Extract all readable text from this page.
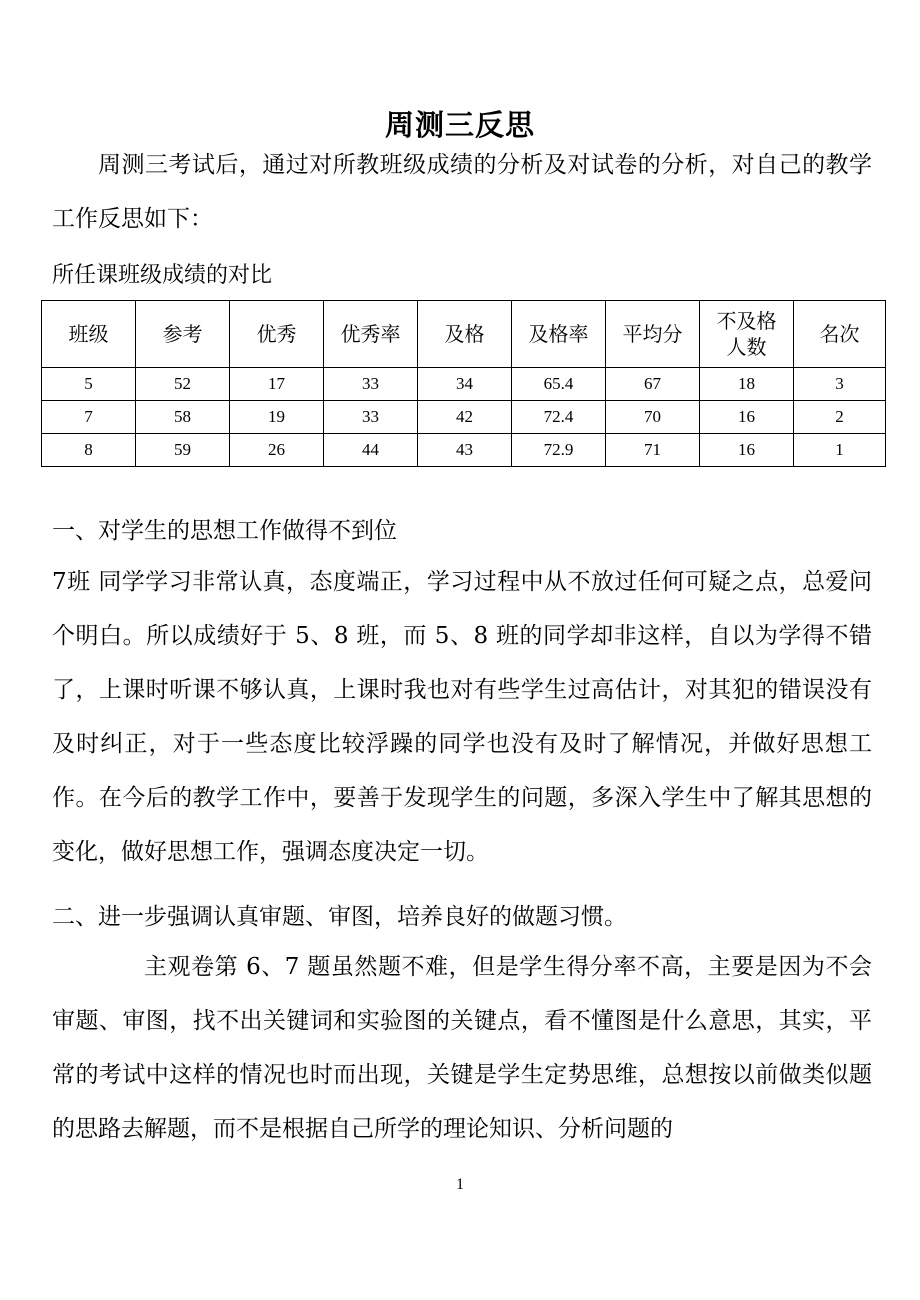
周测三反思

周测三考试后，通过对所教班级成绩的分析及对试卷的分析，对自己的教学工作反思如下：

所任课班级成绩的对比

班级	参考	优秀	优秀率	及格	及格率	平均分	不及格人数	名次
5	52	17	33	34	65.4	67	18	3
7	58	19	33	42	72.4	70	16	2
8	59	26	44	43	72.9	71	16	1
一、对学生的思想工作做得不到位

7班 同学学习非常认真，态度端正，学习过程中从不放过任何可疑之点，总爱问个明白。所以成绩好于 5、8 班，而 5、8 班的同学却非这样，自以为学得不错了，上课时听课不够认真，上课时我也对有些学生过高估计，对其犯的错误没有及时纠正，对于一些态度比较浮躁的同学也没有及时了解情况，并做好思想工作。在今后的教学工作中，要善于发现学生的问题，多深入学生中了解其思想的变化，做好思想工作，强调态度决定一切。

二、进一步强调认真审题、审图，培养良好的做题习惯。

主观卷第 6、7 题虽然题不难，但是学生得分率不高，主要是因为不会审题、审图，找不出关键词和实验图的关键点，看不懂图是什么意思，其实，平常的考试中这样的情况也时而出现，关键是学生定势思维，总想按以前做类似题的思路去解题，而不是根据自己所学的理论知识、分析问题的

1
